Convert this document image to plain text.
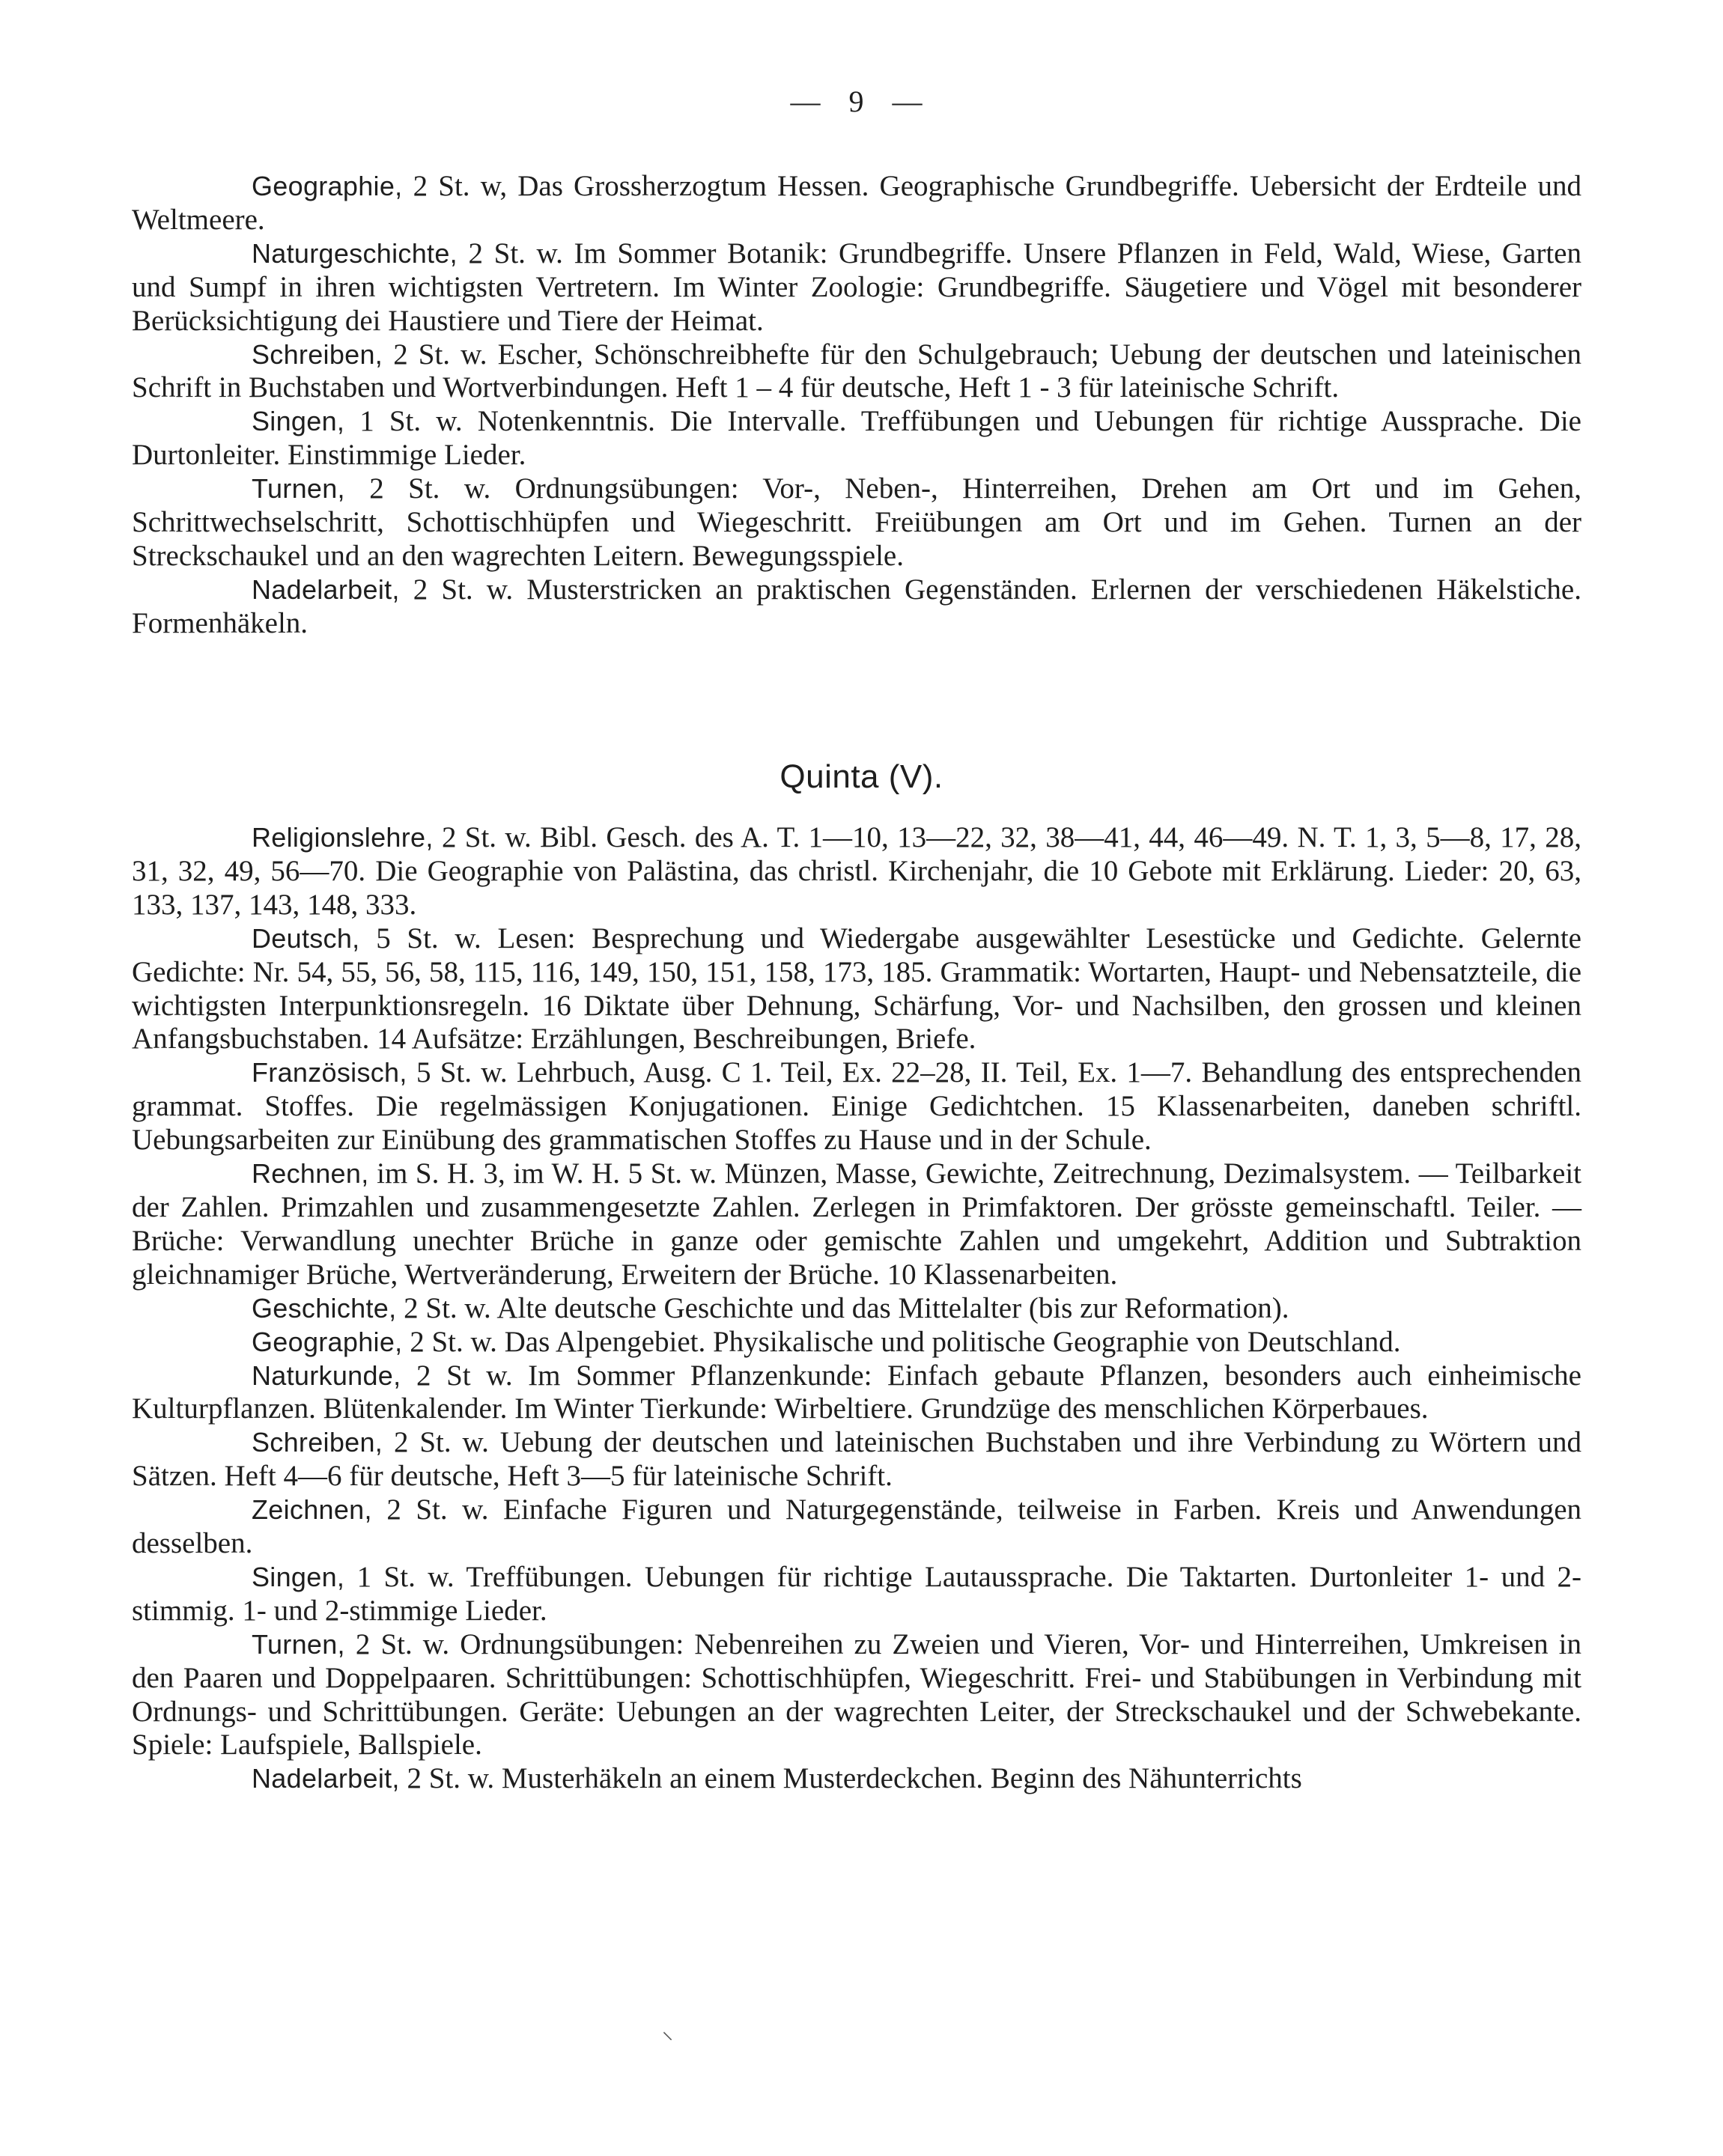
— 9 —

Geographie, 2 St. w, Das Grossherzogtum Hessen. Geographische Grundbegriffe. Uebersicht der Erdteile und Weltmeere.

Naturgeschichte, 2 St. w. Im Sommer Botanik: Grundbegriffe. Unsere Pflanzen in Feld, Wald, Wiese, Garten und Sumpf in ihren wichtigsten Vertretern. Im Winter Zoologie: Grundbegriffe. Säugetiere und Vögel mit besonderer Berücksichtigung dei Haustiere und Tiere der Heimat.

Schreiben, 2 St. w. Escher, Schönschreibhefte für den Schulgebrauch; Uebung der deutschen und lateinischen Schrift in Buchstaben und Wortverbindungen. Heft 1 – 4 für deutsche, Heft 1 - 3 für lateinische Schrift.

Singen, 1 St. w. Notenkenntnis. Die Intervalle. Treffübungen und Uebungen für richtige Aussprache. Die Durtonleiter. Einstimmige Lieder.

Turnen, 2 St. w. Ordnungsübungen: Vor-, Neben-, Hinterreihen, Drehen am Ort und im Gehen, Schrittwechselschritt, Schottischhüpfen und Wiegeschritt. Freiübungen am Ort und im Gehen. Turnen an der Streckschaukel und an den wagrechten Leitern. Bewegungsspiele.

Nadelarbeit, 2 St. w. Musterstricken an praktischen Gegenständen. Erlernen der verschiedenen Häkelstiche. Formenhäkeln.

Quinta (V).

Religionslehre, 2 St. w. Bibl. Gesch. des A. T. 1—10, 13—22, 32, 38—41, 44, 46—49. N. T. 1, 3, 5—8, 17, 28, 31, 32, 49, 56—70. Die Geographie von Palästina, das christl. Kirchenjahr, die 10 Gebote mit Erklärung. Lieder: 20, 63, 133, 137, 143, 148, 333.

Deutsch, 5 St. w. Lesen: Besprechung und Wiedergabe ausgewählter Lesestücke und Gedichte. Gelernte Gedichte: Nr. 54, 55, 56, 58, 115, 116, 149, 150, 151, 158, 173, 185. Grammatik: Wortarten, Haupt- und Nebensatzteile, die wichtigsten Interpunktionsregeln. 16 Diktate über Dehnung, Schärfung, Vor- und Nachsilben, den grossen und kleinen Anfangsbuchstaben. 14 Aufsätze: Erzählungen, Beschreibungen, Briefe.

Französisch, 5 St. w. Lehrbuch, Ausg. C 1. Teil, Ex. 22–28, II. Teil, Ex. 1—7. Behandlung des entsprechenden grammat. Stoffes. Die regelmässigen Konjugationen. Einige Gedichtchen. 15 Klassenarbeiten, daneben schriftl. Uebungsarbeiten zur Einübung des grammatischen Stoffes zu Hause und in der Schule.

Rechnen, im S. H. 3, im W. H. 5 St. w. Münzen, Masse, Gewichte, Zeitrechnung, Dezimalsystem. — Teilbarkeit der Zahlen. Primzahlen und zusammengesetzte Zahlen. Zerlegen in Primfaktoren. Der grösste gemeinschaftl. Teiler. — Brüche: Verwandlung unechter Brüche in ganze oder gemischte Zahlen und umgekehrt, Addition und Subtraktion gleichnamiger Brüche, Wertveränderung, Erweitern der Brüche. 10 Klassenarbeiten.

Geschichte, 2 St. w. Alte deutsche Geschichte und das Mittelalter (bis zur Reformation).

Geographie, 2 St. w. Das Alpengebiet. Physikalische und politische Geographie von Deutschland.

Naturkunde, 2 St w. Im Sommer Pflanzenkunde: Einfach gebaute Pflanzen, besonders auch einheimische Kulturpflanzen. Blütenkalender. Im Winter Tierkunde: Wirbeltiere. Grundzüge des menschlichen Körperbaues.

Schreiben, 2 St. w. Uebung der deutschen und lateinischen Buchstaben und ihre Verbindung zu Wörtern und Sätzen. Heft 4—6 für deutsche, Heft 3—5 für lateinische Schrift.

Zeichnen, 2 St. w. Einfache Figuren und Naturgegenstände, teilweise in Farben. Kreis und Anwendungen desselben.

Singen, 1 St. w. Treffübungen. Uebungen für richtige Lautaussprache. Die Taktarten. Durtonleiter 1- und 2-stimmig. 1- und 2-stimmige Lieder.

Turnen, 2 St. w. Ordnungsübungen: Nebenreihen zu Zweien und Vieren, Vor- und Hinterreihen, Umkreisen in den Paaren und Doppelpaaren. Schrittübungen: Schottischhüpfen, Wiegeschritt. Frei- und Stabübungen in Verbindung mit Ordnungs- und Schrittübungen. Geräte: Uebungen an der wagrechten Leiter, der Streckschaukel und der Schwebekante. Spiele: Laufspiele, Ballspiele.

Nadelarbeit, 2 St. w. Musterhäkeln an einem Musterdeckchen. Beginn des Nähunterrichts

⸜
